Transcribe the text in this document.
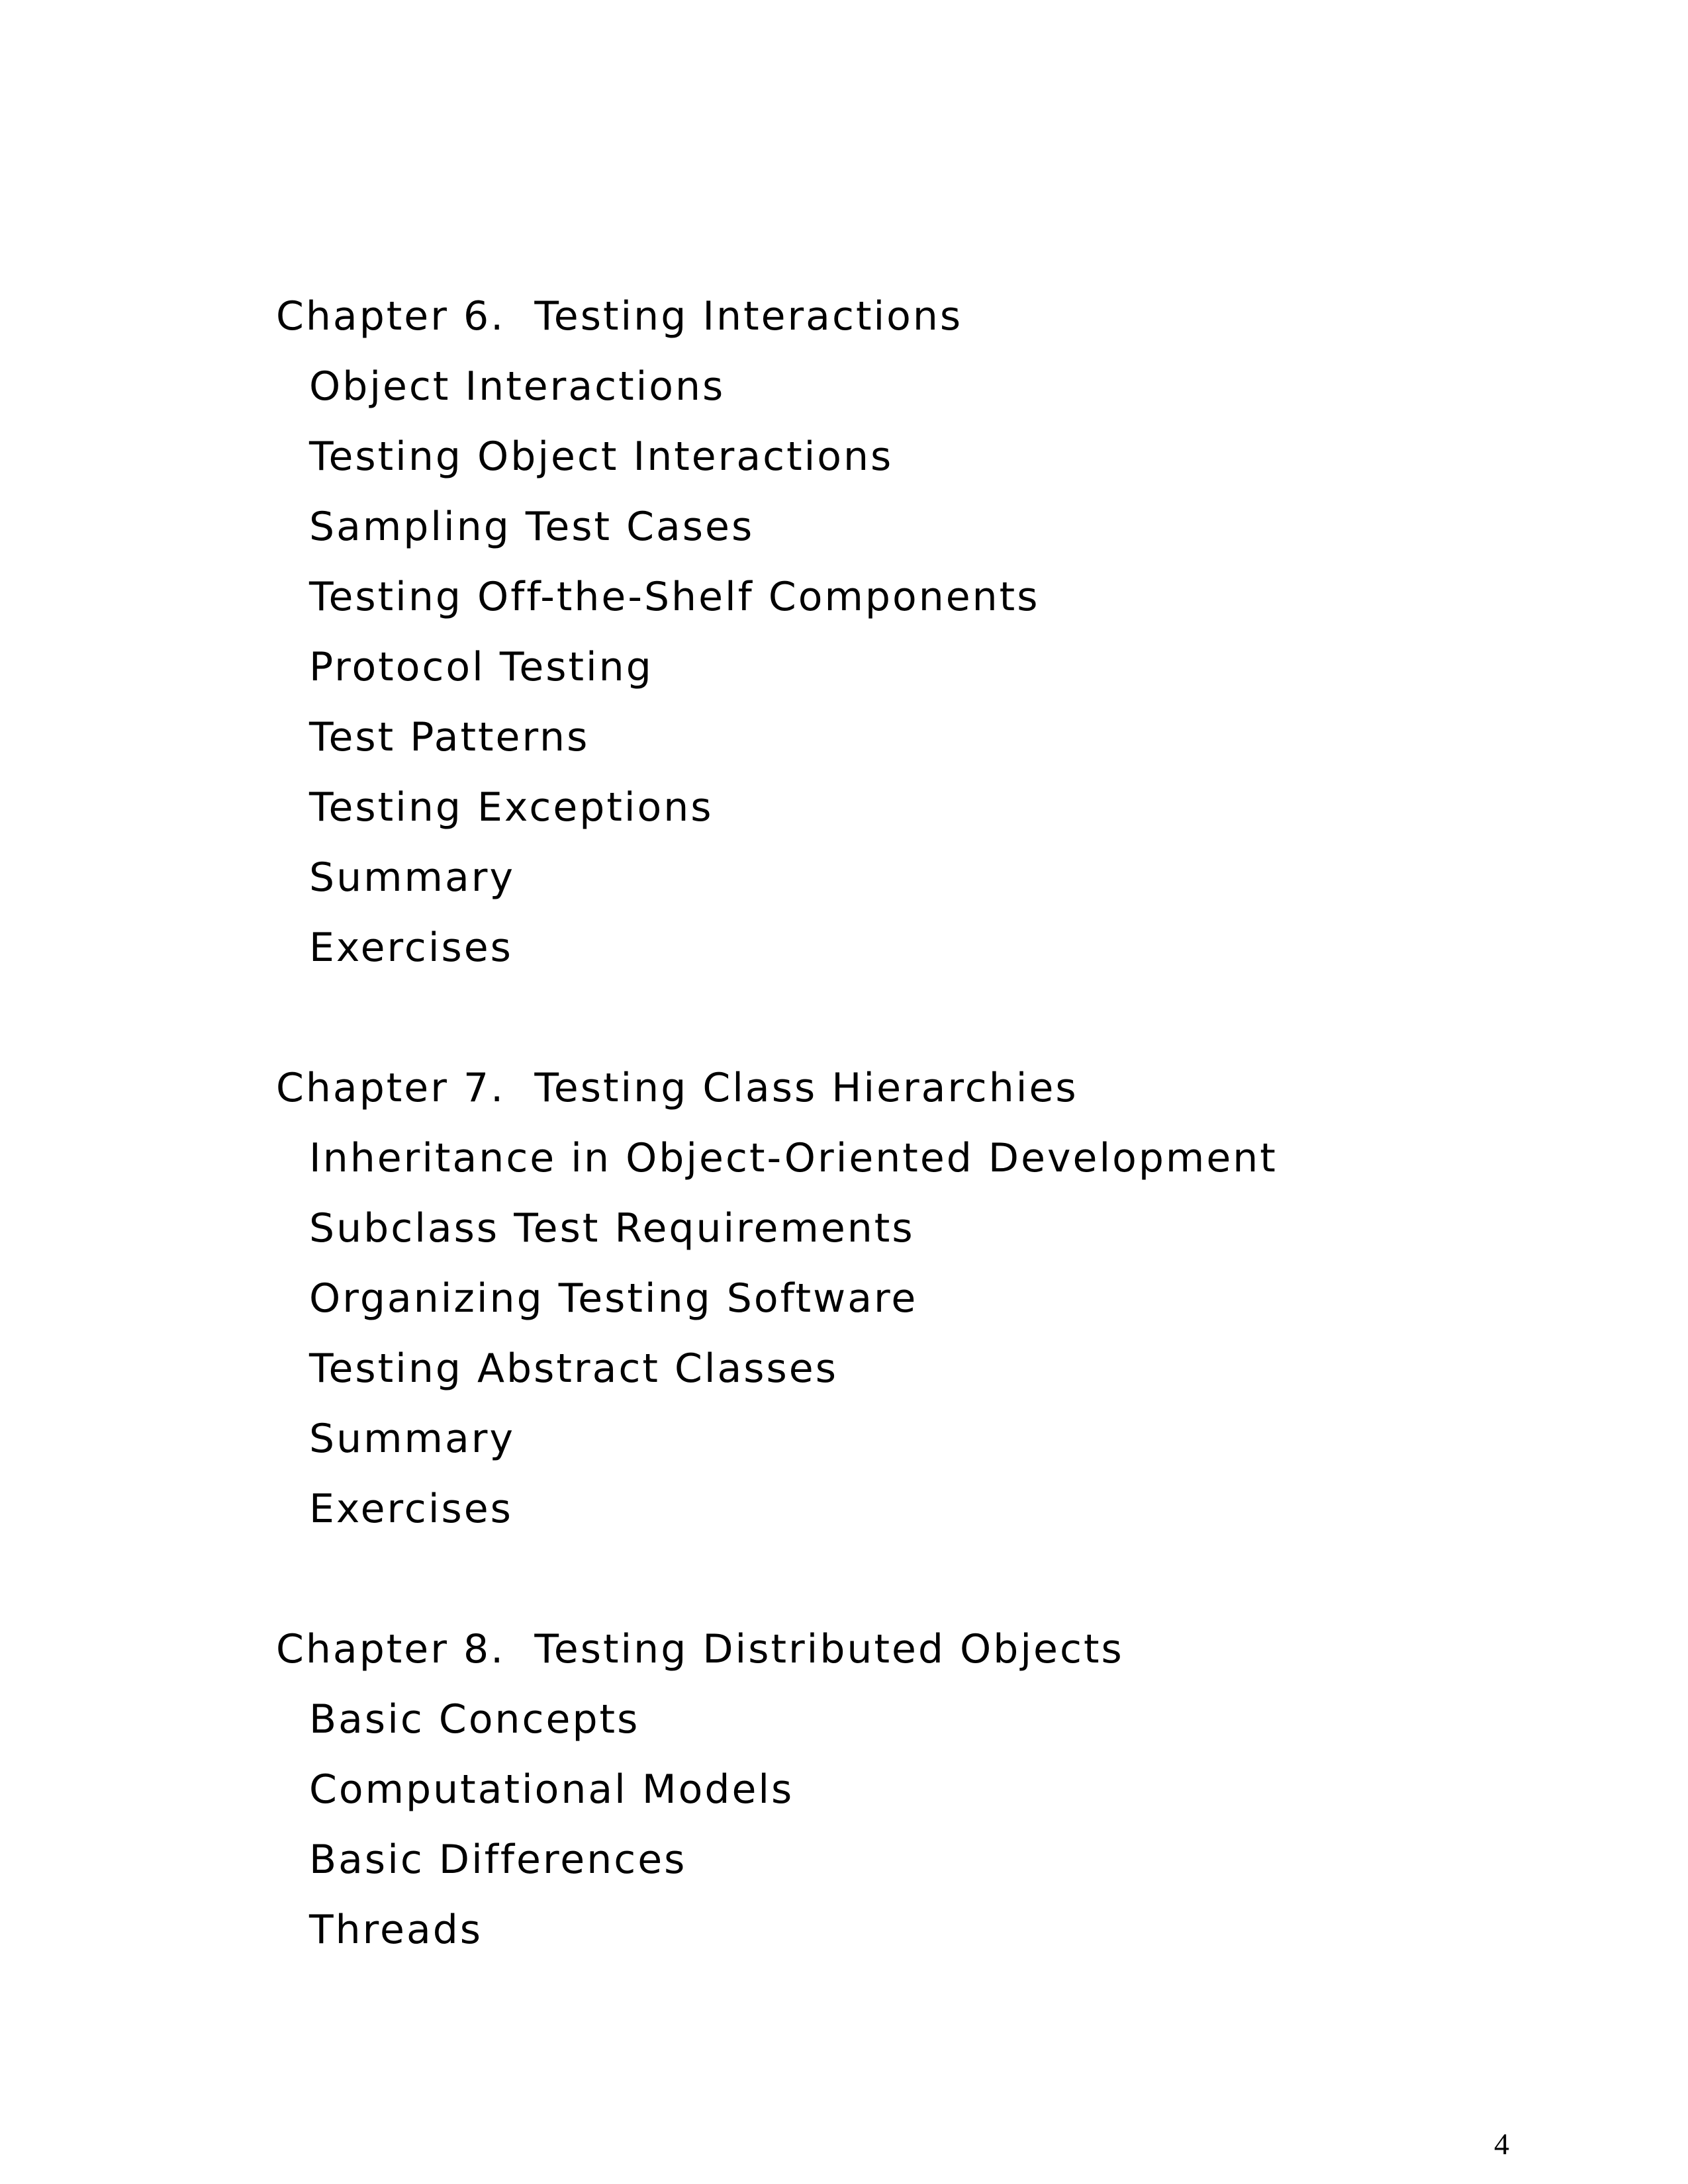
Chapter 6.  Testing Interactions
Object Interactions
Testing Object Interactions
Sampling Test Cases
Testing Off-the-Shelf Components
Protocol Testing
Test Patterns
Testing Exceptions
Summary
Exercises
Chapter 7.  Testing Class Hierarchies
Inheritance in Object-Oriented Development
Subclass Test Requirements
Organizing Testing Software
Testing Abstract Classes
Summary
Exercises
Chapter 8.  Testing Distributed Objects
Basic Concepts
Computational Models
Basic Differences
Threads
4
